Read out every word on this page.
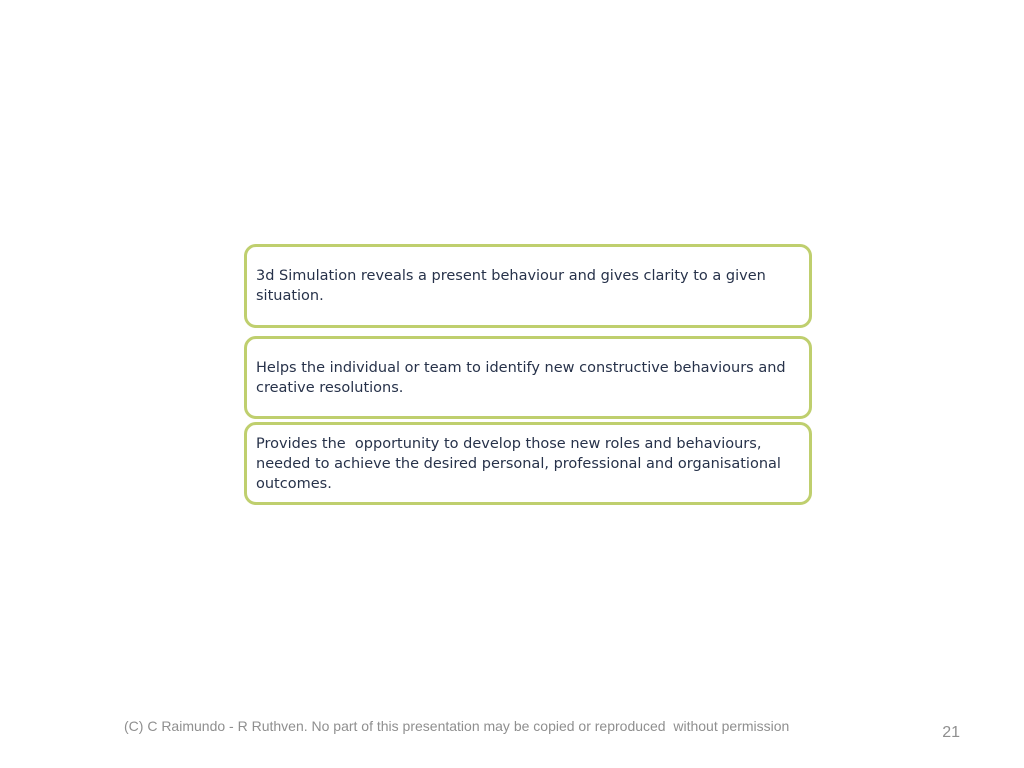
3d Simulation reveals a present behaviour and gives clarity to a given situation.
Helps the individual or team to identify new constructive behaviours and creative resolutions.
Provides the  opportunity to develop those new roles and behaviours, needed to achieve the desired personal, professional and organisational outcomes.
(C) C Raimundo - R Ruthven. No part of this presentation may be copied or reproduced  without permission	21
